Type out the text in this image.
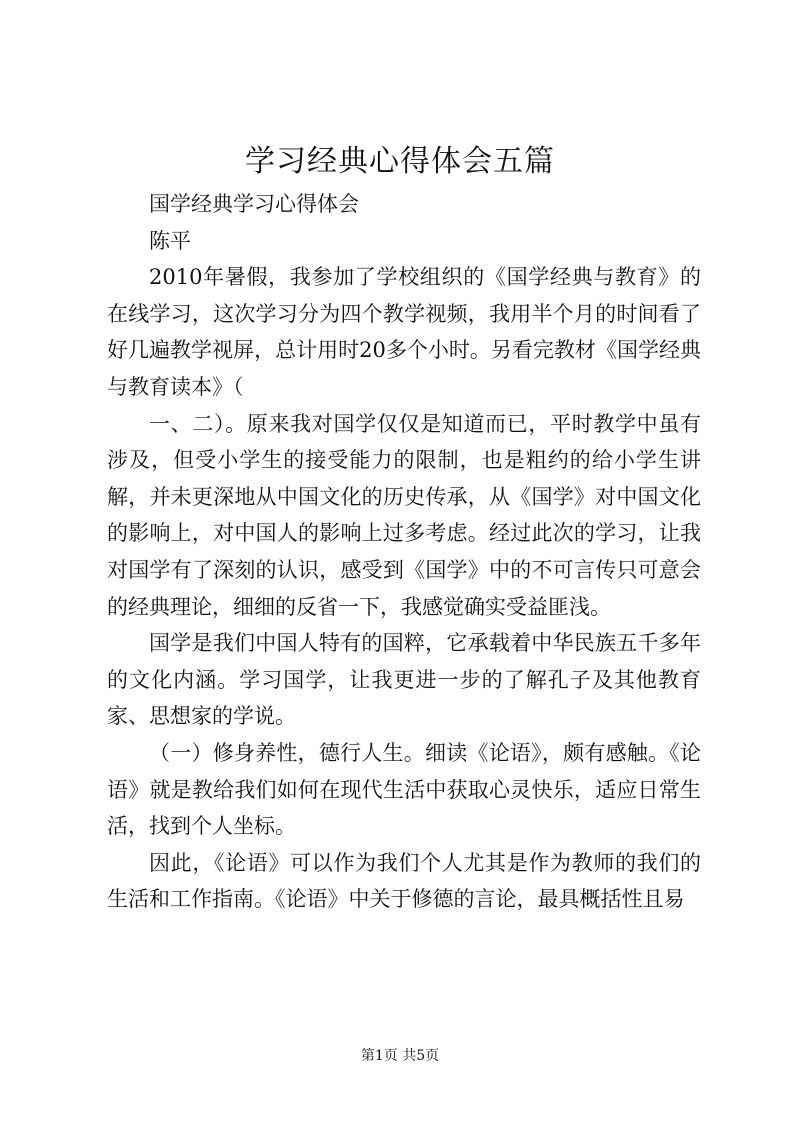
学习经典心得体会五篇

国学经典学习心得体会

陈平

2010年暑假，我参加了学校组织的《国学经典与教育》的在线学习，这次学习分为四个教学视频，我用半个月的时间看了好几遍教学视屏，总计用时20多个小时。另看完教材《国学经典与教育读本》（

一、二）。原来我对国学仅仅是知道而已，平时教学中虽有涉及，但受小学生的接受能力的限制，也是粗约的给小学生讲解，并未更深地从中国文化的历史传承，从《国学》对中国文化的影响上，对中国人的影响上过多考虑。经过此次的学习，让我对国学有了深刻的认识，感受到《国学》中的不可言传只可意会的经典理论，细细的反省一下，我感觉确实受益匪浅。

国学是我们中国人特有的国粹，它承载着中华民族五千多年的文化内涵。学习国学，让我更进一步的了解孔子及其他教育家、思想家的学说。

（一）修身养性，德行人生。细读《论语》，颇有感触。《论语》就是教给我们如何在现代生活中获取心灵快乐，适应日常生活，找到个人坐标。

因此，《论语》可以作为我们个人尤其是作为教师的我们的生活和工作指南。《论语》中关于修德的言论，最具概括性且易

第1页 共5页
